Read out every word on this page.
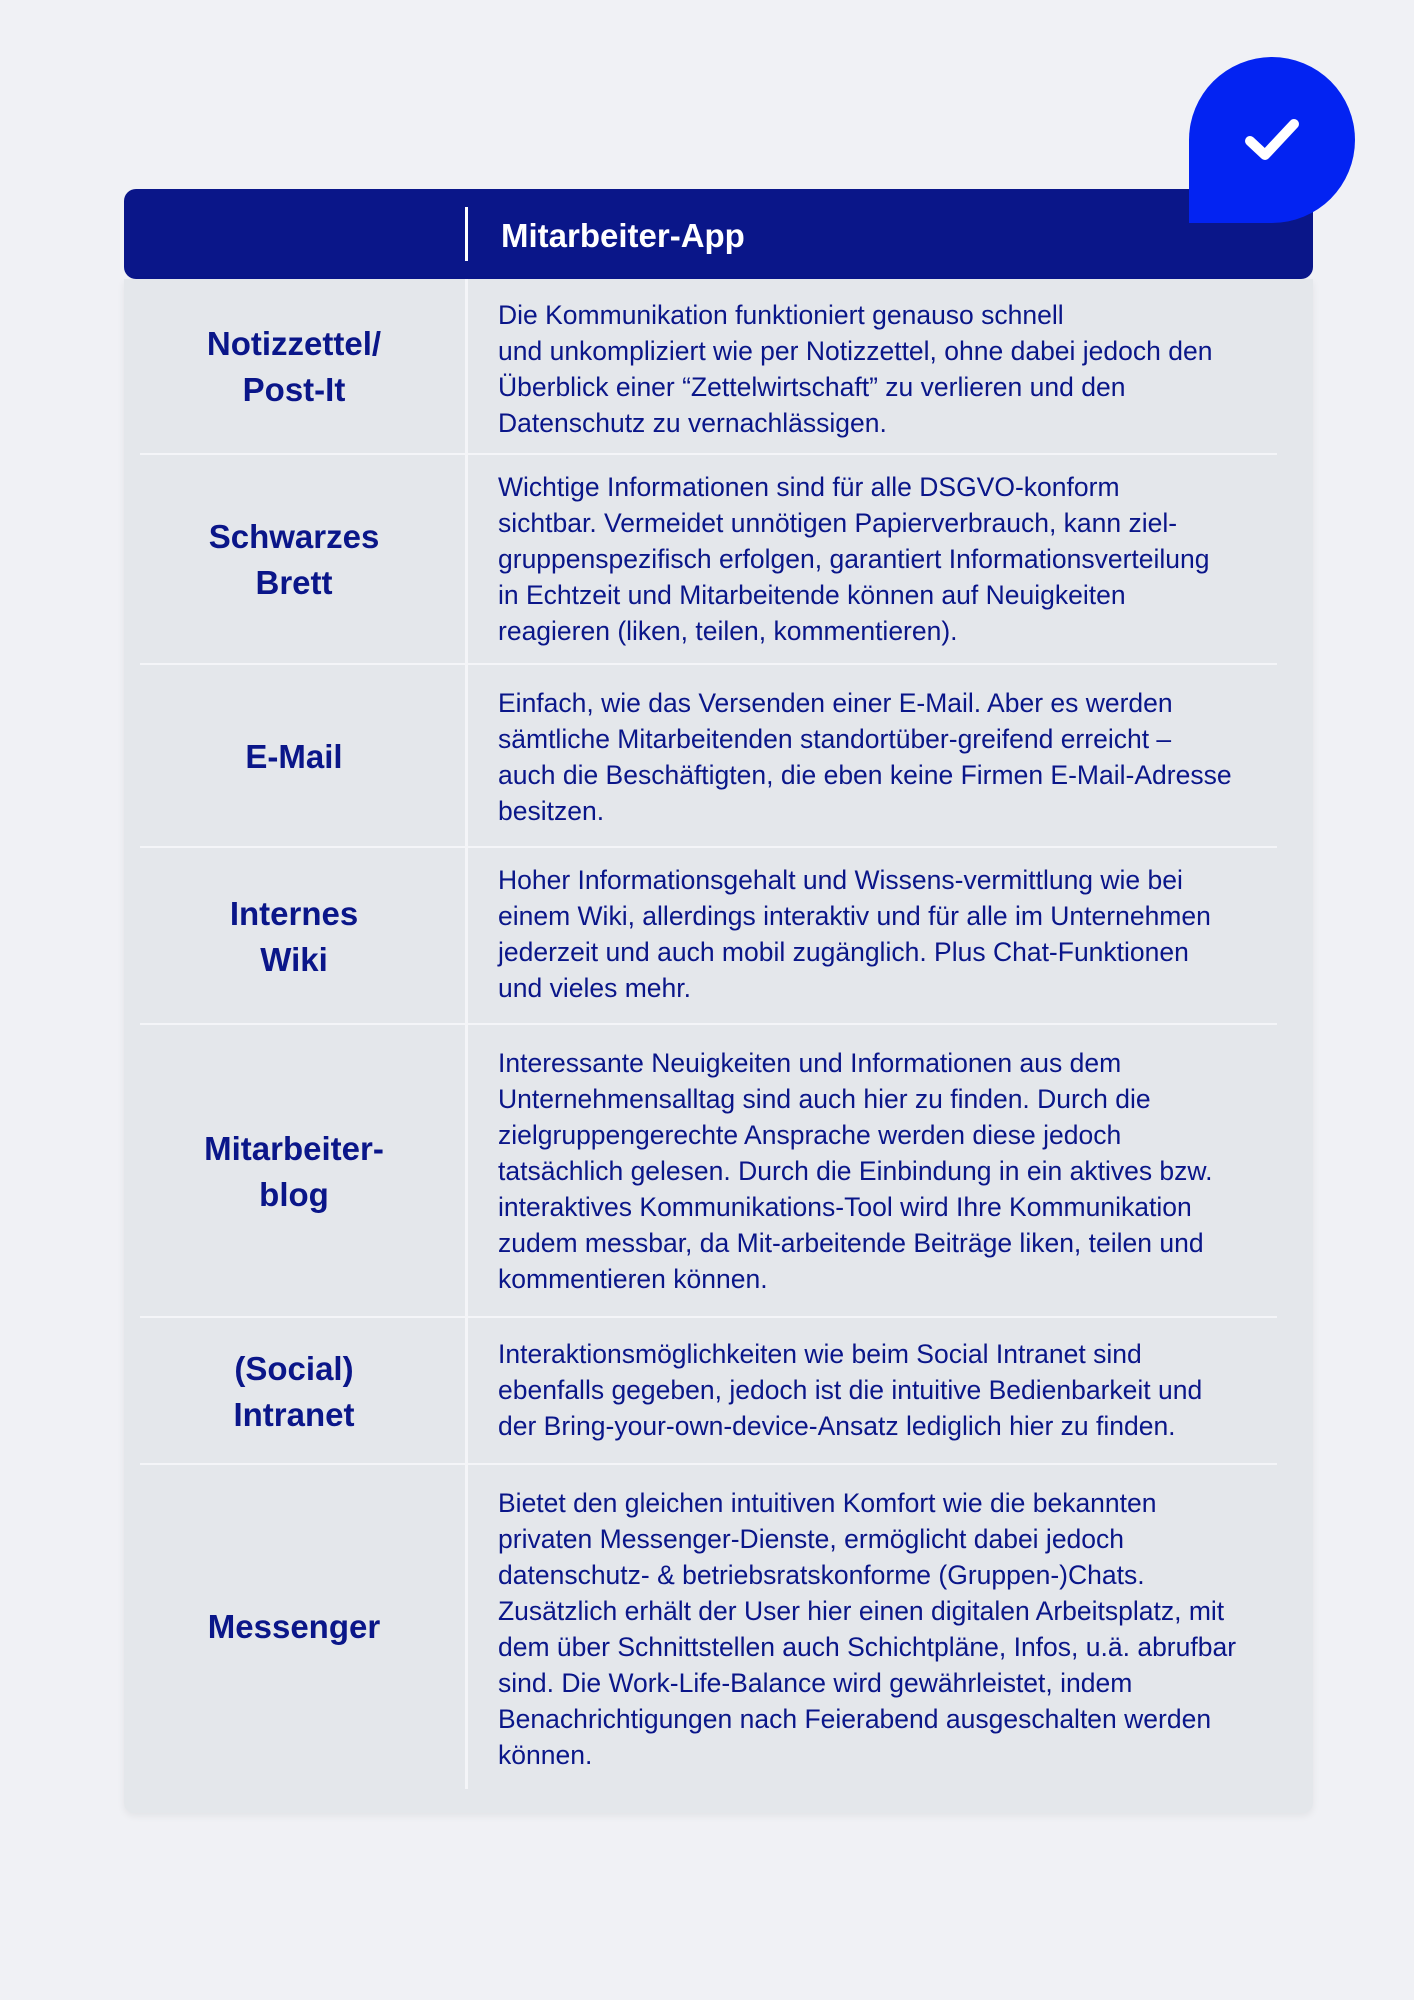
Mitarbeiter-App
Notizzettel/
Post-It
Die Kommunikation funktioniert genauso schnell
und unkompliziert wie per Notizzettel, ohne dabei jedoch den
Überblick einer “Zettelwirtschaft” zu verlieren und den
Datenschutz zu vernachlässigen.
Schwarzes
Brett
Wichtige Informationen sind für alle DSGVO-konform
sichtbar. Vermeidet unnötigen Papierverbrauch, kann ziel-
gruppenspezifisch erfolgen, garantiert Informationsverteilung
in Echtzeit und Mitarbeitende können auf Neuigkeiten
reagieren (liken, teilen, kommentieren).
E-Mail
Einfach, wie das Versenden einer E-Mail. Aber es werden
sämtliche Mitarbeitenden standortüber-greifend erreicht –
auch die Beschäftigten, die eben keine Firmen E-Mail-Adresse
besitzen.
Internes
Wiki
Hoher Informationsgehalt und Wissens-vermittlung wie bei
einem Wiki, allerdings interaktiv und für alle im Unternehmen
jederzeit und auch mobil zugänglich. Plus Chat-Funktionen
und vieles mehr.
Mitarbeiter-
blog
Interessante Neuigkeiten und Informationen aus dem
Unternehmensalltag sind auch hier zu finden. Durch die
zielgruppengerechte Ansprache werden diese jedoch
tatsächlich gelesen. Durch die Einbindung in ein aktives bzw.
interaktives Kommunikations-Tool wird Ihre Kommunikation
zudem messbar, da Mit-arbeitende Beiträge liken, teilen und
kommentieren können.
(Social)
Intranet
Interaktionsmöglichkeiten wie beim Social Intranet sind
ebenfalls gegeben, jedoch ist die intuitive Bedienbarkeit und
der Bring-your-own-device-Ansatz lediglich hier zu finden.
Messenger
Bietet den gleichen intuitiven Komfort wie die bekannten
privaten Messenger-Dienste, ermöglicht dabei jedoch
datenschutz- & betriebsratskonforme (Gruppen-)Chats.
Zusätzlich erhält der User hier einen digitalen Arbeitsplatz, mit
dem über Schnittstellen auch Schichtpläne, Infos, u.ä. abrufbar
sind. Die Work-Life-Balance wird gewährleistet, indem
Benachrichtigungen nach Feierabend ausgeschalten werden
können.
